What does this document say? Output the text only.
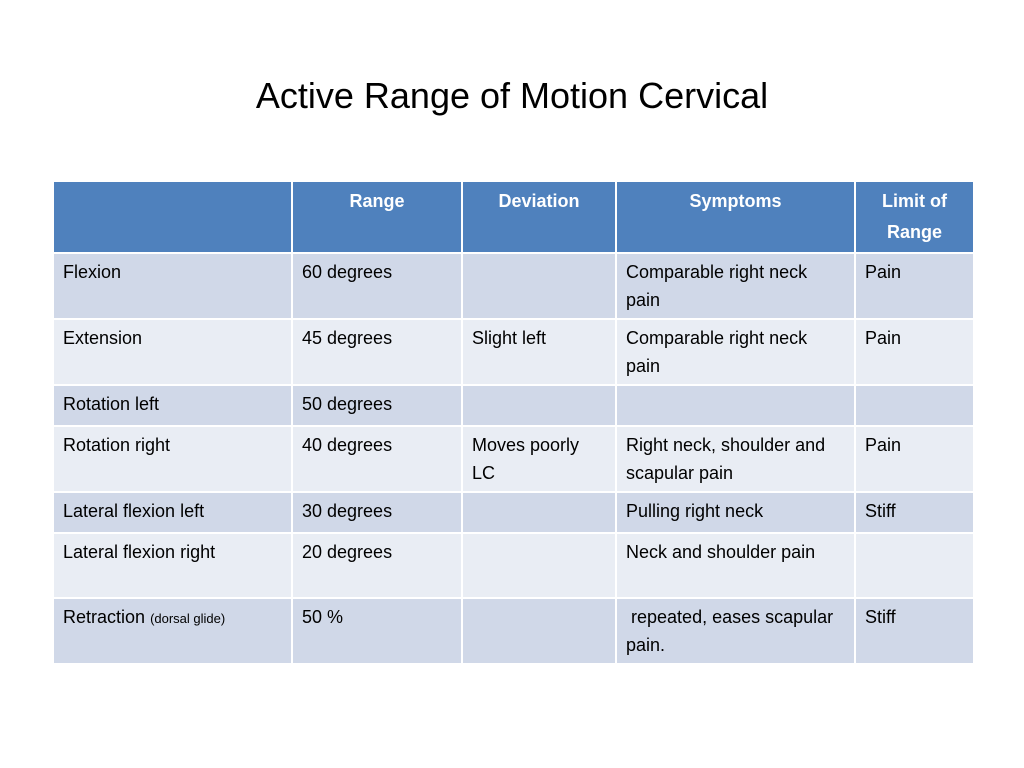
Active Range of Motion Cervical
	Range	Deviation	Symptoms	Limit of Range
Flexion	60 degrees		Comparable right neck pain	Pain
Extension	45 degrees	Slight left	Comparable right neck pain	Pain
Rotation left	50 degrees			
Rotation right	40 degrees	Moves poorly LC	Right neck, shoulder and scapular pain	Pain
Lateral flexion left	30 degrees		Pulling right neck	Stiff
Lateral flexion right	20 degrees		Neck and shoulder pain	
Retraction (dorsal glide)	50 %		repeated, eases scapular pain.	Stiff
